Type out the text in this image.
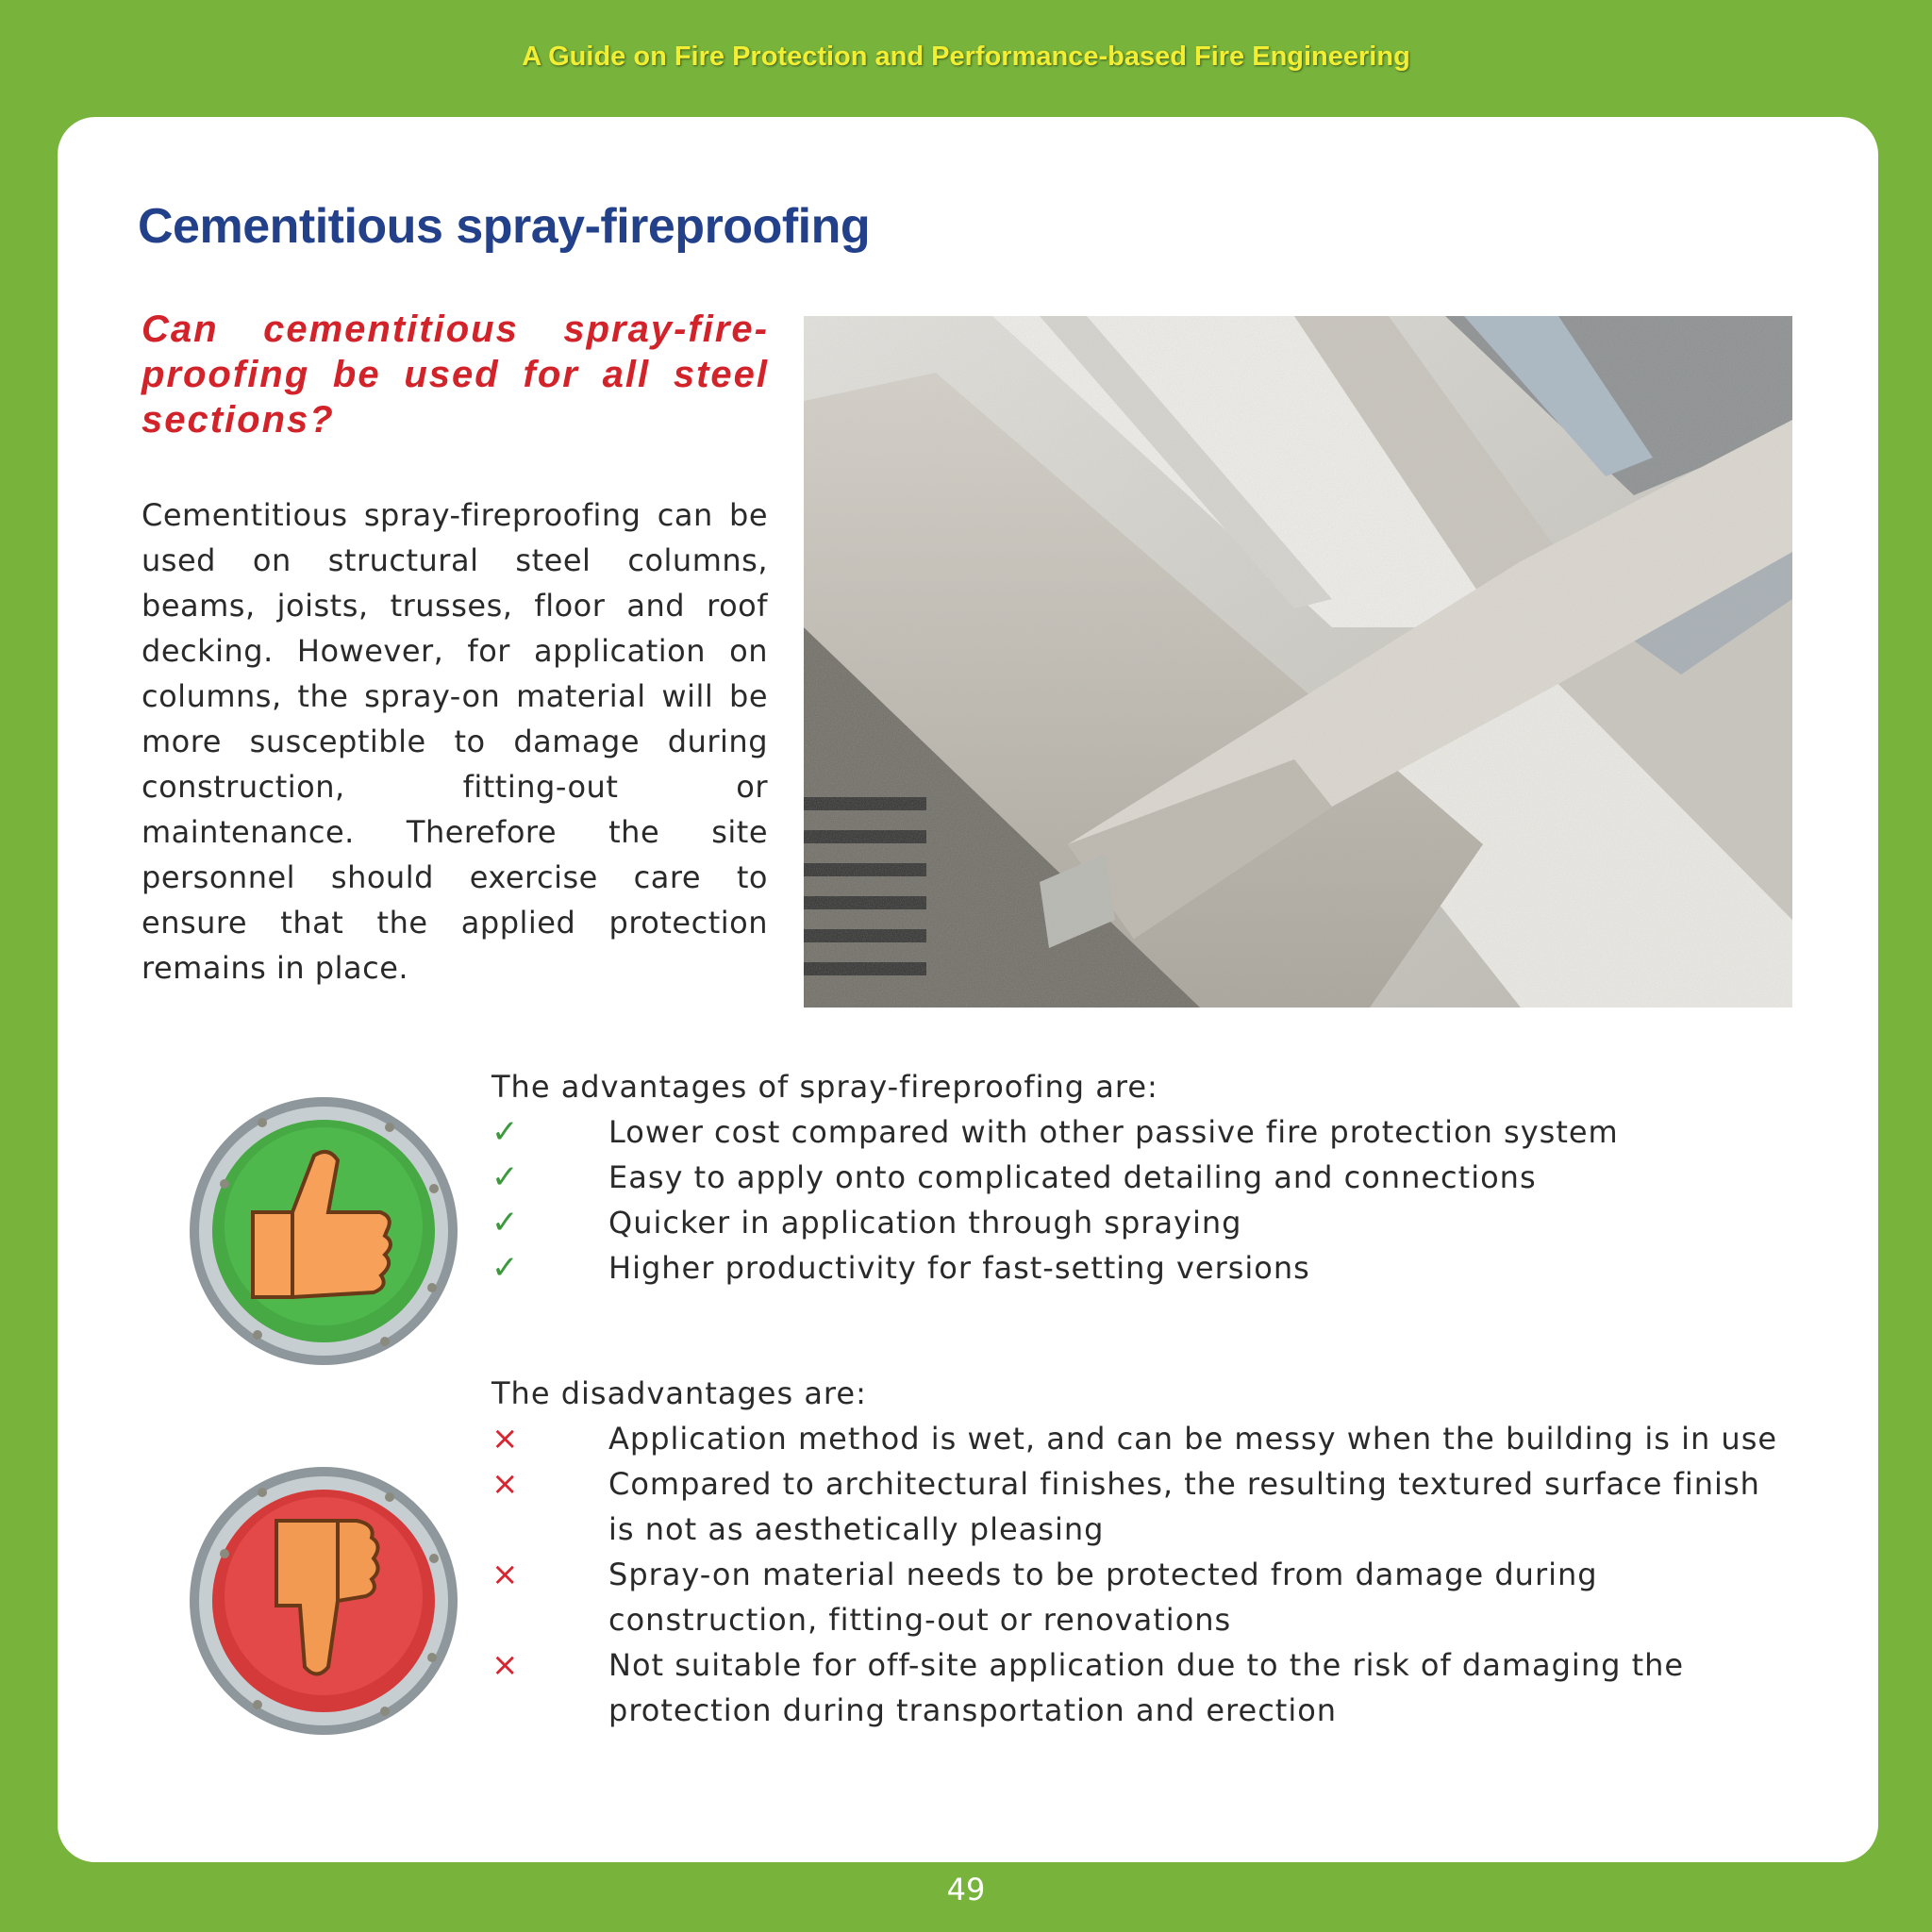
A Guide on Fire Protection and Performance-based Fire Engineering
Cementitious spray-fireproofing

Can cementitious spray-fire-proofing be used for all steel sections?

Cementitious spray-fireproofing can be used on structural steel columns, beams, joists, trusses, floor and roof decking. However, for application on columns, the spray-on material will be more susceptible to damage during construction, fitting-out or maintenance. Therefore the site personnel should exercise care to ensure that the applied protection remains in place.

The advantages of spray-fireproofing are:

✓	Lower cost compared with other passive fire protection system
✓	Easy to apply onto complicated detailing and connections
✓	Quicker in application through spraying
✓	Higher productivity for fast-setting versions

The disadvantages are:

×	Application method is wet, and can be messy when the building is in use
×	Compared to architectural finishes, the resulting textured surface finish is not as aesthetically pleasing
×	Spray-on material needs to be protected from damage during construction, fitting-out or renovations
×	Not suitable for off-site application due to the risk of damaging the protection during transportation and erection
49
